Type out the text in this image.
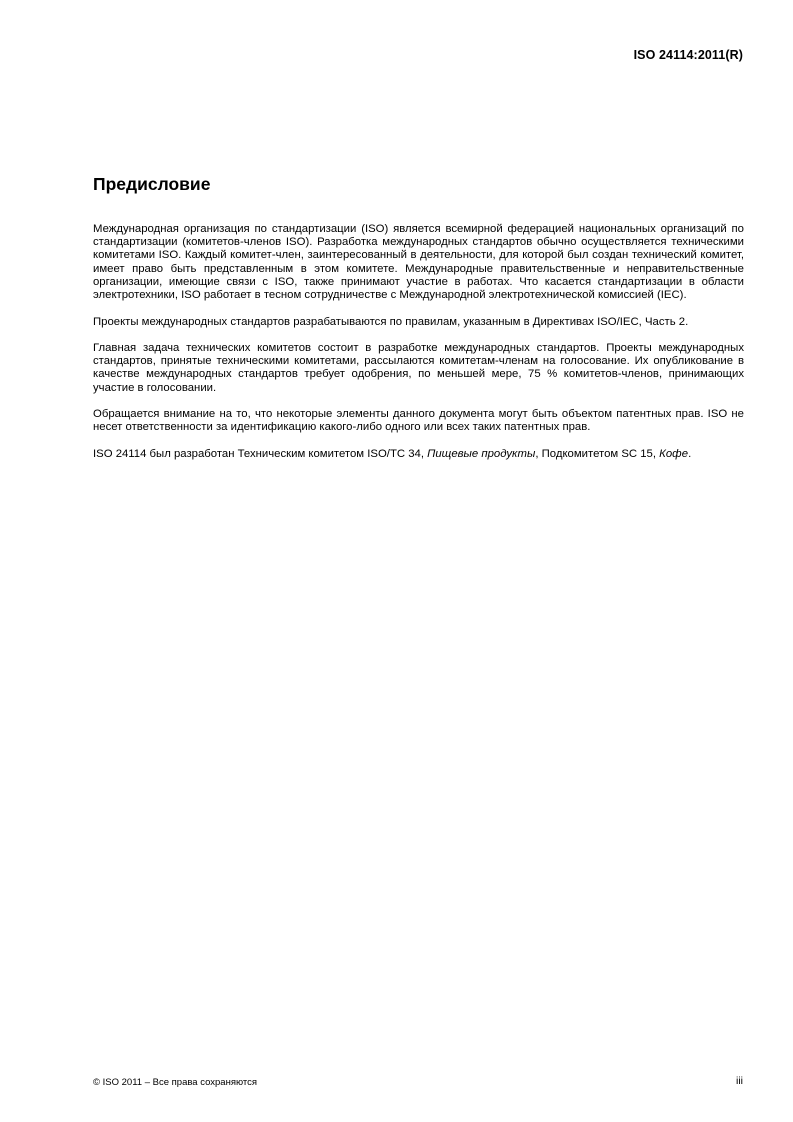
ISO 24114:2011(R)
Предисловие

Международная организация по стандартизации (ISO) является всемирной федерацией национальных организаций по стандартизации (комитетов-членов ISO). Разработка международных стандартов обычно осуществляется техническими комитетами ISO. Каждый комитет-член, заинтересованный в деятельности, для которой был создан технический комитет, имеет право быть представленным в этом комитете. Международные правительственные и неправительственные организации, имеющие связи с ISO, также принимают участие в работах. Что касается стандартизации в области электротехники, ISO работает в тесном сотрудничестве с Международной электротехнической комиссией (IEC).

Проекты международных стандартов разрабатываются по правилам, указанным в Директивах ISO/IEC, Часть 2.

Главная задача технических комитетов состоит в разработке международных стандартов. Проекты международных стандартов, принятые техническими комитетами, рассылаются комитетам-членам на голосование. Их опубликование в качестве международных стандартов требует одобрения, по меньшей мере, 75 % комитетов-членов, принимающих участие в голосовании.

Обращается внимание на то, что некоторые элементы данного документа могут быть объектом патентных прав. ISO не несет ответственности за идентификацию какого-либо одного или всех таких патентных прав.

ISO 24114 был разработан Техническим комитетом ISO/TC 34, Пищевые продукты, Подкомитетом SC 15, Кофе.

© ISO 2011 – Все права сохраняются	iii
